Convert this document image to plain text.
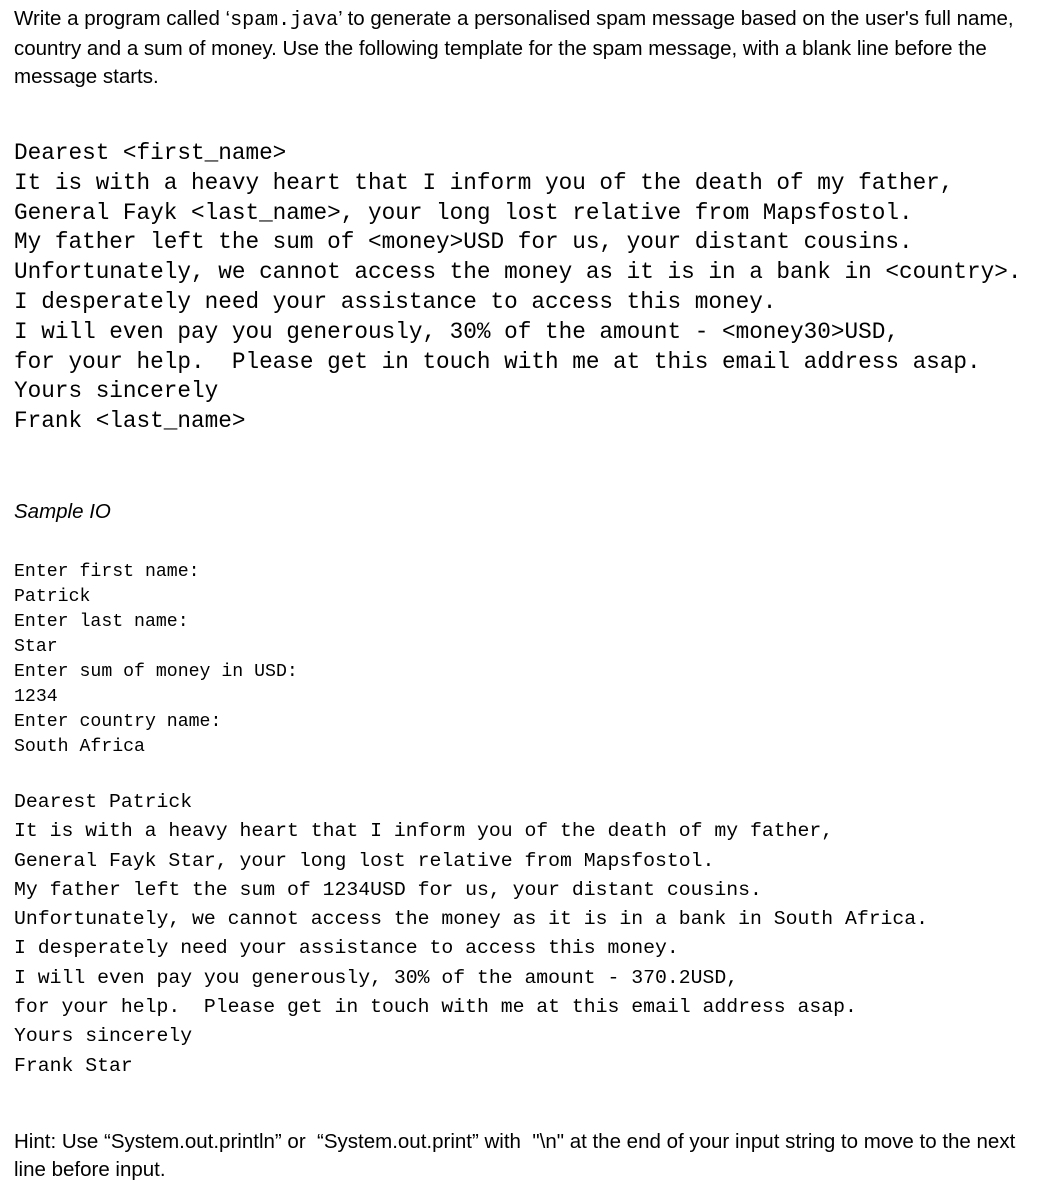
Write a program called ‘spam.java’ to generate a personalised spam message based on the user's full name, country and a sum of money. Use the following template for the spam message, with a blank line before the message starts.

Dearest <first_name>
It is with a heavy heart that I inform you of the death of my father,
General Fayk <last_name>, your long lost relative from Mapsfostol.
My father left the sum of <money>USD for us, your distant cousins.
Unfortunately, we cannot access the money as it is in a bank in <country>.
I desperately need your assistance to access this money.
I will even pay you generously, 30% of the amount - <money30>USD,
for your help.  Please get in touch with me at this email address asap.
Yours sincerely
Frank <last_name>

Sample IO

Enter first name:
Patrick
Enter last name:
Star
Enter sum of money in USD:
1234
Enter country name:
South Africa
Dearest Patrick
It is with a heavy heart that I inform you of the death of my father,
General Fayk Star, your long lost relative from Mapsfostol.
My father left the sum of 1234USD for us, your distant cousins.
Unfortunately, we cannot access the money as it is in a bank in South Africa.
I desperately need your assistance to access this money.
I will even pay you generously, 30% of the amount - 370.2USD,
for your help.  Please get in touch with me at this email address asap.
Yours sincerely
Frank Star

Hint: Use “System.out.println” or  “System.out.print” with  "\n" at the end of your input string to move to the next line before input.
